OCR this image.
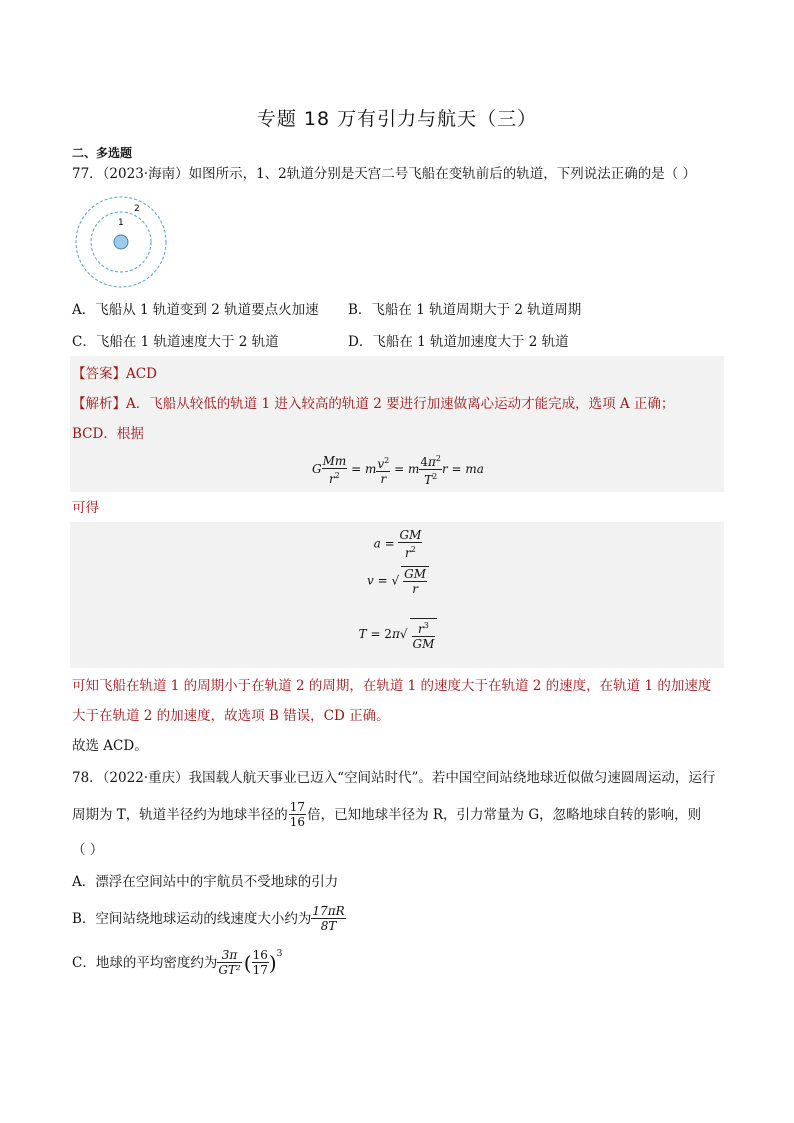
专题 18 万有引力与航天（三）
二、多选题
77．（2023·海南）如图所示，1、2轨道分别是天宫二号飞船在变轨前后的轨道，下列说法正确的是（ ）
1
2
A．飞船从 1 轨道变到 2 轨道要点火加速 B．飞船在 1 轨道周期大于 2 轨道周期
C．飞船在 1 轨道速度大于 2 轨道	D．飞船在 1 轨道加速度大于 2 轨道
【答案】ACD
【解析】A．飞船从较低的轨道 1 进入较高的轨道 2 要进行加速做离心运动才能完成，选项 A 正确；
BCD．根据
G $\frac{Mm}{r^2} = m \frac{v^2}{r} = m \frac{4\pi^2}{T^2}$ r = ma
可得
$a = \frac{GM}{r^2}$
v = √ $\frac{GM}{r}$
$T = 2\pi√ \frac{r^3}{GM}$
可知飞船在轨道 1 的周期小于在轨道 2 的周期，在轨道 1 的速度大于在轨道 2 的速度，在轨道 1 的加速度
大于在轨道 2 的加速度，故选项 B 错误，CD 正确。
故选 ACD。
78．（2022·重庆）我国载人航天事业已迈入“空间站时代”。若中国空间站绕地球近似做匀速圆周运动，运行
周期为 T，轨道半径约为地球半径的 $\frac{17}{16}$ 倍，已知地球半径为 R，引力常量为 G，忽略地球自转的影响，则
（ ）
A．漂浮在空间站中的宇航员不受地球的引力
B．空间站绕地球运动的线速度大小约为 $\frac{17\pi R}{8T}$
C．地球的平均密度约为 $\frac{3\pi}{\text{GT²}}$ ( $\frac{16}{17}$ ) 3
